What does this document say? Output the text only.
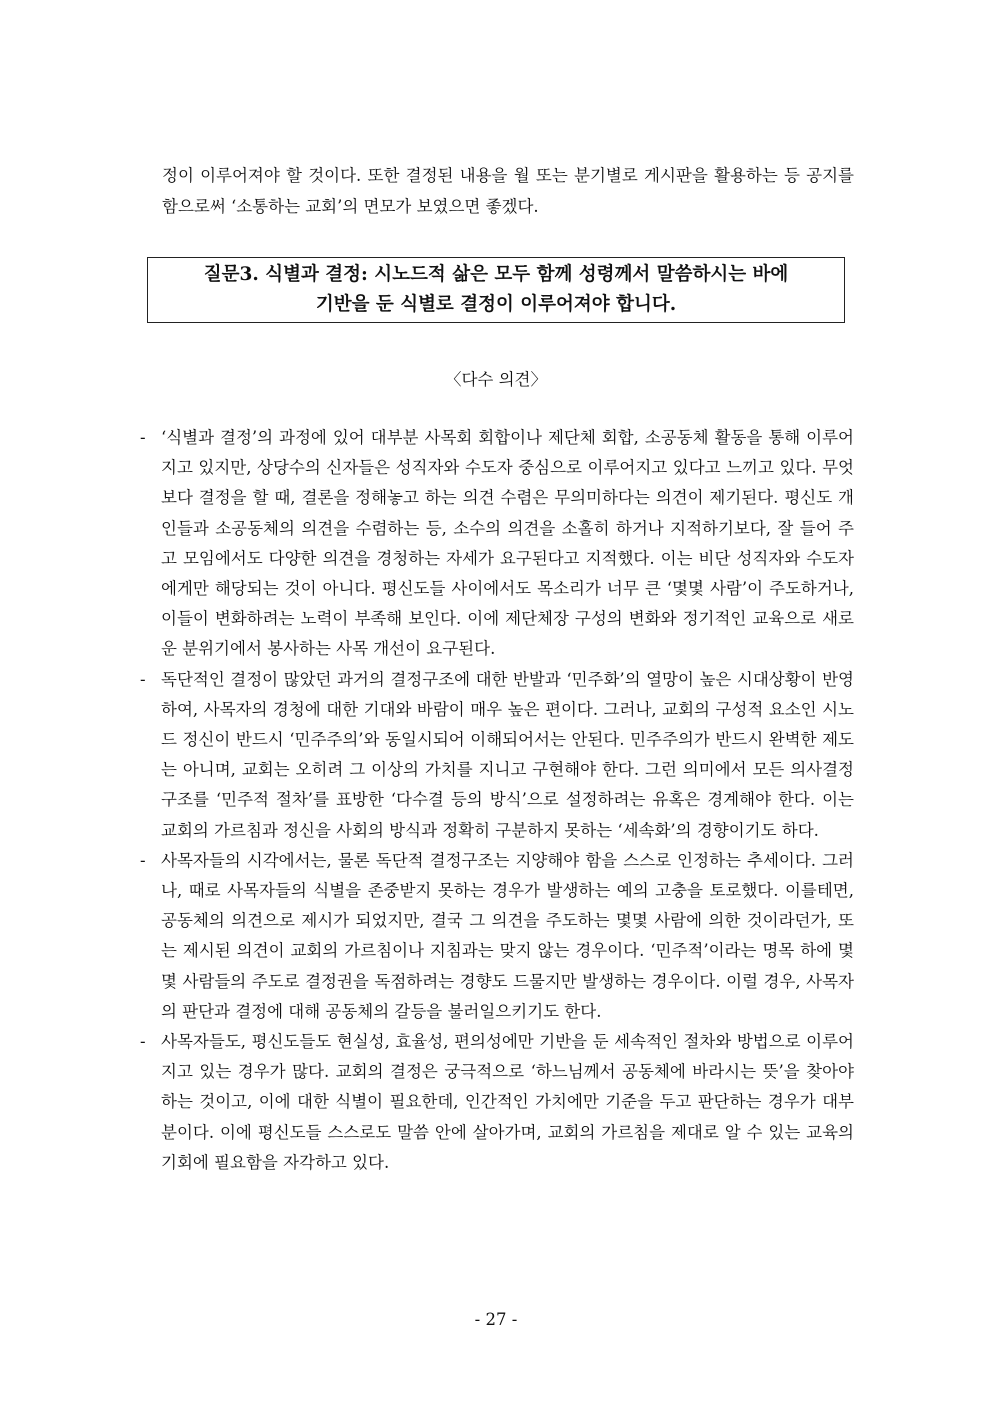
정이 이루어져야 할 것이다. 또한 결정된 내용을 월 또는 분기별로 게시판을 활용하는 등 공지를 함으로써 ‘소통하는 교회’의 면모가 보였으면 좋겠다.

질문3. 식별과 결정: 시노드적 삶은 모두 함께 성령께서 말씀하시는 바에
기반을 둔 식별로 결정이 이루어져야 합니다.
〈다수 의견〉
- ‘식별과 결정’의 과정에 있어 대부분 사목회 회합이나 제단체 회합, 소공동체 활동을 통해 이루어지고 있지만, 상당수의 신자들은 성직자와 수도자 중심으로 이루어지고 있다고 느끼고 있다. 무엇보다 결정을 할 때, 결론을 정해놓고 하는 의견 수렴은 무의미하다는 의견이 제기된다. 평신도 개인들과 소공동체의 의견을 수렴하는 등, 소수의 의견을 소홀히 하거나 지적하기보다, 잘 들어 주고 모임에서도 다양한 의견을 경청하는 자세가 요구된다고 지적했다. 이는 비단 성직자와 수도자에게만 해당되는 것이 아니다. 평신도들 사이에서도 목소리가 너무 큰 ‘몇몇 사람’이 주도하거나, 이들이 변화하려는 노력이 부족해 보인다. 이에 제단체장 구성의 변화와 정기적인 교육으로 새로운 분위기에서 봉사하는 사목 개선이 요구된다.
- 독단적인 결정이 많았던 과거의 결정구조에 대한 반발과 ‘민주화’의 열망이 높은 시대상황이 반영하여, 사목자의 경청에 대한 기대와 바람이 매우 높은 편이다. 그러나, 교회의 구성적 요소인 시노드 정신이 반드시 ‘민주주의’와 동일시되어 이해되어서는 안된다. 민주주의가 반드시 완벽한 제도는 아니며, 교회는 오히려 그 이상의 가치를 지니고 구현해야 한다. 그런 의미에서 모든 의사결정 구조를 ‘민주적 절차’를 표방한 ‘다수결 등의 방식’으로 설정하려는 유혹은 경계해야 한다. 이는 교회의 가르침과 정신을 사회의 방식과 정확히 구분하지 못하는 ‘세속화’의 경향이기도 하다.
- 사목자들의 시각에서는, 물론 독단적 결정구조는 지양해야 함을 스스로 인정하는 추세이다. 그러나, 때로 사목자들의 식별을 존중받지 못하는 경우가 발생하는 예의 고충을 토로했다. 이를테면, 공동체의 의견으로 제시가 되었지만, 결국 그 의견을 주도하는 몇몇 사람에 의한 것이라던가, 또는 제시된 의견이 교회의 가르침이나 지침과는 맞지 않는 경우이다. ‘민주적’이라는 명목 하에 몇몇 사람들의 주도로 결정권을 독점하려는 경향도 드물지만 발생하는 경우이다. 이럴 경우, 사목자의 판단과 결정에 대해 공동체의 갈등을 불러일으키기도 한다.
- 사목자들도, 평신도들도 현실성, 효율성, 편의성에만 기반을 둔 세속적인 절차와 방법으로 이루어지고 있는 경우가 많다. 교회의 결정은 궁극적으로 ‘하느님께서 공동체에 바라시는 뜻’을 찾아야 하는 것이고, 이에 대한 식별이 필요한데, 인간적인 가치에만 기준을 두고 판단하는 경우가 대부분이다. 이에 평신도들 스스로도 말씀 안에 살아가며, 교회의 가르침을 제대로 알 수 있는 교육의 기회에 필요함을 자각하고 있다.
- 27 -
